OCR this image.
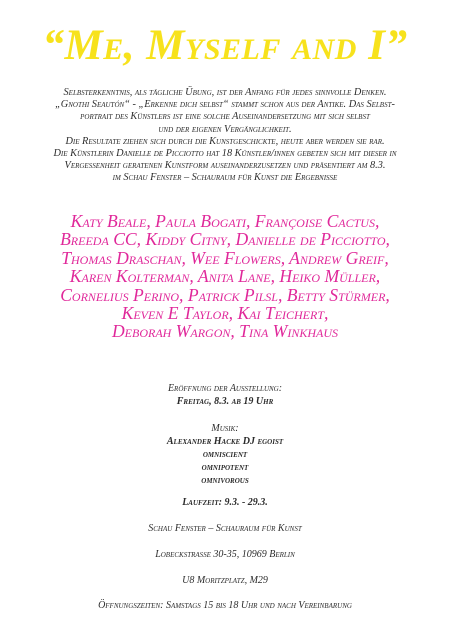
“Me, Myself and I”
Selbsterkenntnis, als tägliche Übung, ist der Anfang für jedes sinnvolle Denken.
„Gnothi Seautón“ - „Erkenne dich selbst“ stammt schon aus der Antike. Das Selbst-
portrait des Künstlers ist eine solche Auseinandersetzung mit sich selbst
und der eigenen Vergänglichkeit.
Die Resultate ziehen sich durch die Kunstgeschickte, heute aber werden sie rar.
Die Künstlerin Danielle de Picciotto hat 18 Künstler/innen gebeten sich mit dieser in
Vergessenheit geratenen Kunstform auseinanderzusetzen und präsentiert am 8.3.
im Schau Fenster – Schauraum für Kunst die Ergebnisse
Katy Beale, Paula Bogati, Françoise Cactus,
Breeda CC, Kiddy Citny, Danielle de Picciotto,
Thomas Draschan, Wee Flowers, Andrew Greif,
Karen Kolterman, Anita Lane, Heiko Müller,
Cornelius Perino, Patrick Pilsl, Betty Stürmer,
Keven E Taylor, Kai Teichert,
Deborah Wargon, Tina Winkhaus
Eröffnung der Ausstellung:
Freitag, 8.3. ab 19 Uhr
Musik:
Alexander Hacke DJ egoist
omniscient
omnipotent
omnivorous
Laufzeit: 9.3. - 29.3.
Schau Fenster – Schauraum für Kunst
Lobeckstrasse 30-35, 10969 Berlin
U8 Moritzplatz, M29
Öffnungszeiten: Samstags 15 bis 18 Uhr und nach Vereinbarung
